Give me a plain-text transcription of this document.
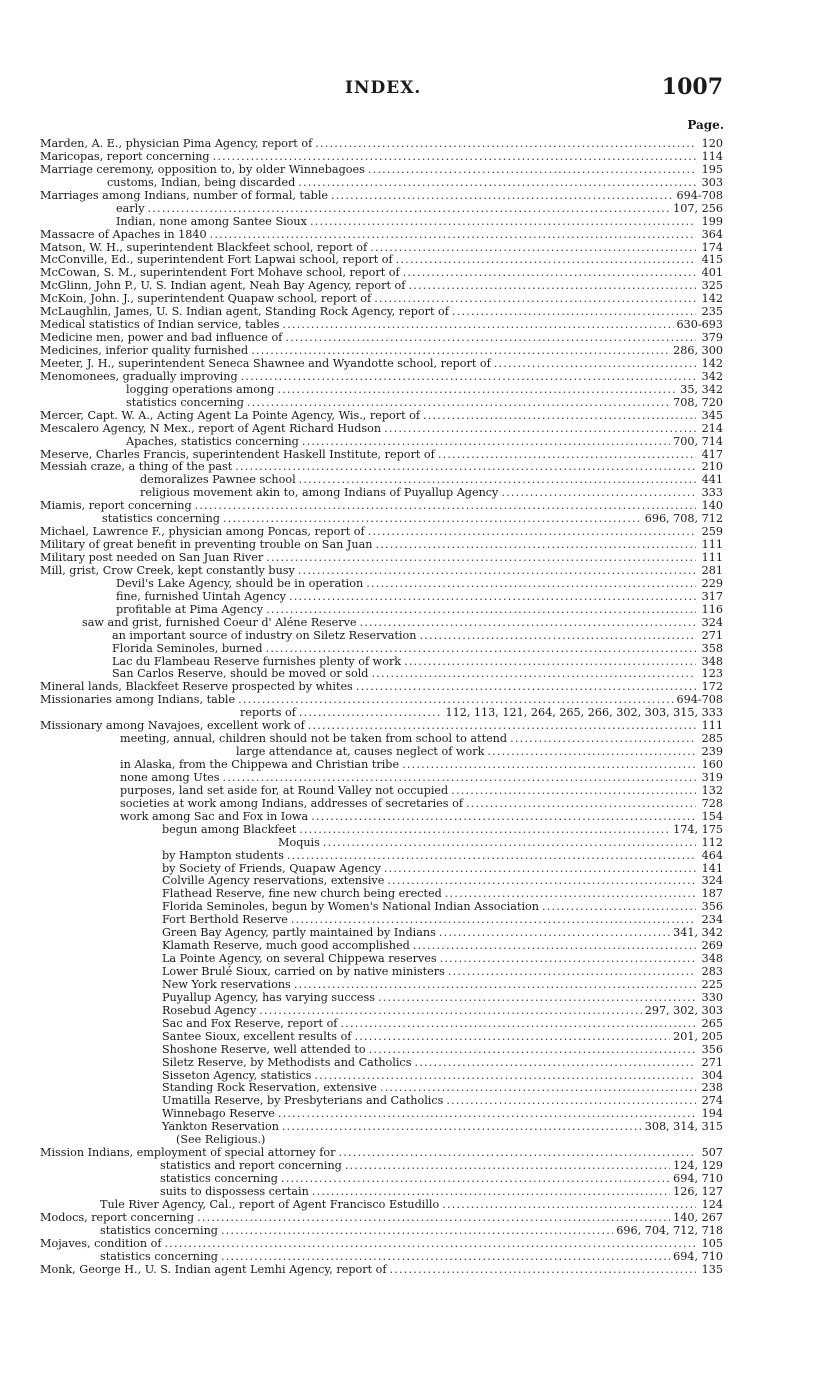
INDEX.	1007
Page.
Marden, A. E., physician Pima Agency, report of .....	120
Maricopas, report concerning .....	114
Marriage ceremony, opposition to, by older Winnebagoes .....	195
customs, Indian, being discarded .....	303
Marriages among Indians, number of formal, table .....	694-708
early .....	107, 256
Indian, none among Santee Sioux .....	199
Massacre of Apaches in 1840 .....	364
Matson, W. H., superintendent Blackfeet school, report of .....	174
McConville, Ed., superintendent Fort Lapwai school, report of .....	415
McCowan, S. M., superintendent Fort Mohave school, report of .....	401
McGlinn, John P., U. S. Indian agent, Neah Bay Agency, report of .....	325
McKoin, John. J., superintendent Quapaw school, report of .....	142
McLaughlin, James, U. S. Indian agent, Standing Rock Agency, report of .....	235
Medical statistics of Indian service, tables .....	630-693
Medicine men, power and bad influence of .....	379
Medicines, inferior quality furnished .....	286, 300
Meeter, J. H., superintendent Seneca Shawnee and Wyandotte school, report of .....	142
Menomonees, gradually improving .....	342
logging operations among .....	35, 342
statistics concerning .....	708, 720
Mercer, Capt. W. A., Acting Agent La Pointe Agency, Wis., report of .....	345
Mescalero Agency, N Mex., report of Agent Richard Hudson .....	214
Apaches, statistics concerning .....	700, 714
Meserve, Charles Francis, superintendent Haskell Institute, report of .....	417
Messiah craze, a thing of the past .....	210
demoralizes Pawnee school .....	441
religious movement akin to, among Indians of Puyallup Agency .....	333
Miamis, report concerning .....	140
statistics concerning .....	696, 708, 712
Michael, Lawrence F., physician among Poncas, report of .....	259
Military of great benefit in preventing trouble on San Juan .....	111
Military post needed on San Juan River .....	111
Mill, grist, Crow Creek, kept constantly busy .....	281
Devil's Lake Agency, should be in operation .....	229
fine, furnished Uintah Agency .....	317
profitable at Pima Agency .....	116
saw and grist, furnished Coeur d' Aléne Reserve .....	324
an important source of industry on Siletz Reservation .....	271
Florida Seminoles, burned .....	358
Lac du Flambeau Reserve furnishes plenty of work .....	348
San Carlos Reserve, should be moved or sold .....	123
Mineral lands, Blackfeet Reserve prospected by whites .....	172
Missionaries among Indians, table .....	694-708
reports of .....	112, 113, 121, 264, 265, 266, 302, 303, 315, 333
Missionary among Navajoes, excellent work of .....	111
meeting, annual, children should not be taken from school to attend .....	285
large attendance at, causes neglect of work .....	239
in Alaska, from the Chippewa and Christian tribe .....	160
none among Utes .....	319
purposes, land set aside for, at Round Valley not occupied .....	132
societies at work among Indians, addresses of secretaries of .....	728
work among Sac and Fox in Iowa .....	154
begun among Blackfeet .....	174, 175
Moquis .....	112
by Hampton students .....	464
by Society of Friends, Quapaw Agency .....	141
Colville Agency reservations, extensive .....	324
Flathead Reserve, fine new church being erected .....	187
Florida Seminoles, begun by Women's National Indian Association .....	356
Fort Berthold Reserve .....	234
Green Bay Agency, partly maintained by Indians .....	341, 342
Klamath Reserve, much good accomplished .....	269
La Pointe Agency, on several Chippewa reserves .....	348
Lower Brulé Sioux, carried on by native ministers .....	283
New York reservations .....	225
Puyallup Agency, has varying success .....	330
Rosebud Agency .....	297, 302, 303
Sac and Fox Reserve, report of .....	265
Santee Sioux, excellent results of .....	201, 205
Shoshone Reserve, well attended to .....	356
Siletz Reserve, by Methodists and Catholics .....	271
Sisseton Agency, statistics .....	304
Standing Rock Reservation, extensive .....	238
Umatilla Reserve, by Presbyterians and Catholics .....	274
Winnebago Reserve .....	194
Yankton Reservation .....	308, 314, 315
(See Religious.)
Mission Indians, employment of special attorney for .....	507
statistics and report concerning .....	124, 129
statistics concerning .....	694, 710
suits to dispossess certain .....	126, 127
Tule River Agency, Cal., report of Agent Francisco Estudillo .....	124
Modocs, report concerning .....	140, 267
statistics concerning .....	696, 704, 712, 718
Mojaves, condition of .....	105
statistics concerning .....	694, 710
Monk, George H., U. S. Indian agent Lemhi Agency, report of .....	135
